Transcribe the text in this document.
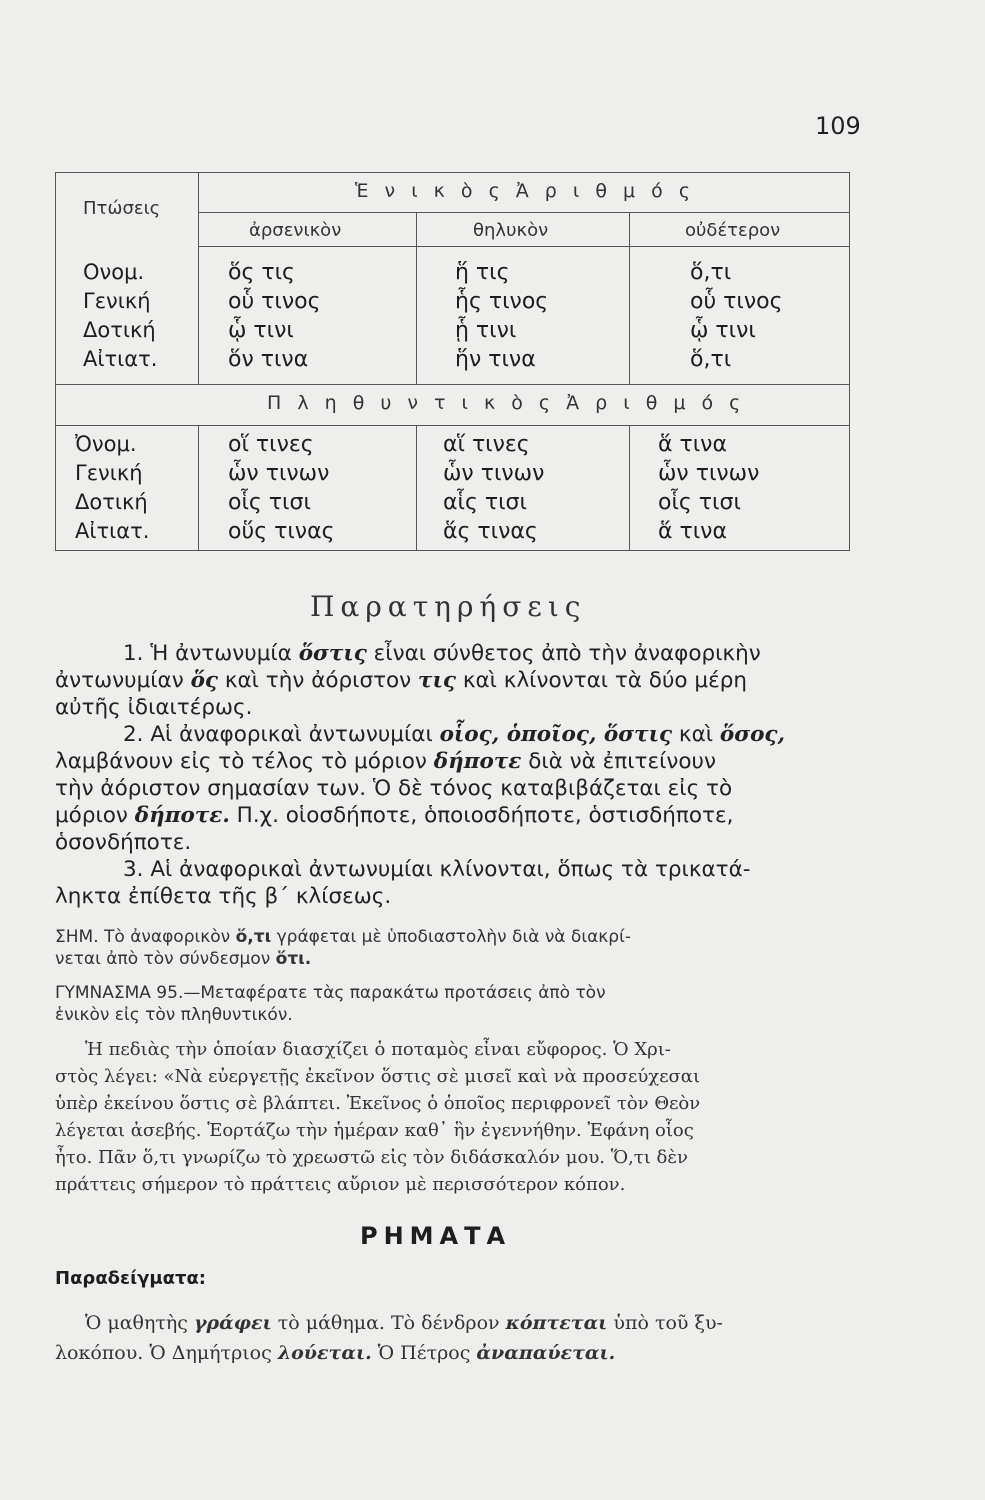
109
Πτώσεις
Ἑ ν ι κ ὸ ς Ἀ ρ ι θ μ ό ς
ἀρσενικὸν	θηλυκὸν	οὐδέτερον
Ονομ.
Γενική
Δοτική
Αἰτιατ.
ὅς τις
οὗ τινος
ᾧ τινι
ὅν τινα
ἥ τις
ἧς τινος
ᾗ τινι
ἥν τινα
ὅ,τι
οὗ τινος
ᾧ τινι
ὅ,τι
Π λ η θ υ ν τ ι κ ὸ ς Ἀ ρ ι θ μ ό ς
Ὀνομ.
Γενική
Δοτική
Αἰτιατ.
οἵ τινες
ὧν τινων
οἷς τισι
οὕς τινας
αἵ τινες
ὧν τινων
αἷς τισι
ἅς τινας
ἅ τινα
ὧν τινων
οἷς τισι
ἅ τινα
Παρατηρήσεις
1. Ἡ ἀντωνυμία ὅστις εἶναι σύνθετος ἀπὸ τὴν ἀναφορικὴν
ἀντωνυμίαν ὅς καὶ τὴν ἀόριστον τις καὶ κλίνονται τὰ δύο μέρη
αὐτῆς ἰδιαιτέρως.
2. Αἱ ἀναφορικαὶ ἀντωνυμίαι οἷος, ὁποῖος, ὅστις καὶ ὅσος,
λαμβάνουν εἰς τὸ τέλος τὸ μόριον δήποτε διὰ νὰ ἐπιτείνουν
τὴν ἀόριστον σημασίαν των. Ὁ δὲ τόνος καταβιβάζεται εἰς τὸ
μόριον δήποτε. Π.χ. οἱοσδήποτε, ὁποιοσδήποτε, ὁστισδήποτε,
ὁσονδήποτε.
3. Αἱ ἀναφορικαὶ ἀντωνυμίαι κλίνονται, ὅπως τὰ τρικατά-
ληκτα ἐπίθετα τῆς β΄ κλίσεως.
ΣΗΜ. Τὸ ἀναφορικὸν ὅ,τι γράφεται μὲ ὑποδιαστολὴν διὰ νὰ διακρί-
νεται ἀπὸ τὸν σύνδεσμον ὅτι.
ΓΥΜΝΑΣΜΑ 95.—Μεταφέρατε τὰς παρακάτω προτάσεις ἀπὸ τὸν
ἑνικὸν εἰς τὸν πληθυντικόν.
Ἡ πεδιὰς τὴν ὁποίαν διασχίζει ὁ ποταμὸς εἶναι εὔφορος. Ὁ Χρι-
στὸς λέγει: «Νὰ εὐεργετῇς ἐκεῖνον ὅστις σὲ μισεῖ καὶ νὰ προσεύχεσαι
ὑπὲρ ἐκείνου ὅστις σὲ βλάπτει. Ἐκεῖνος ὁ ὁποῖος περιφρονεῖ τὸν Θεὸν
λέγεται ἀσεβής. Ἑορτάζω τὴν ἡμέραν καθ᾽ ἣν ἐγεννήθην. Ἐφάνη οἷος
ἦτο. Πᾶν ὅ,τι γνωρίζω τὸ χρεωστῶ εἰς τὸν διδάσκαλόν μου. Ὅ,τι δὲν
πράττεις σήμερον τὸ πράττεις αὔριον μὲ περισσότερον κόπον.
ΡΗΜΑΤΑ
Παραδείγματα:
Ὁ μαθητὴς γράφει τὸ μάθημα. Τὸ δένδρον κόπτεται ὑπὸ τοῦ ξυ-
λοκόπου. Ὁ Δημήτριος λούεται. Ὁ Πέτρος ἀναπαύεται.
